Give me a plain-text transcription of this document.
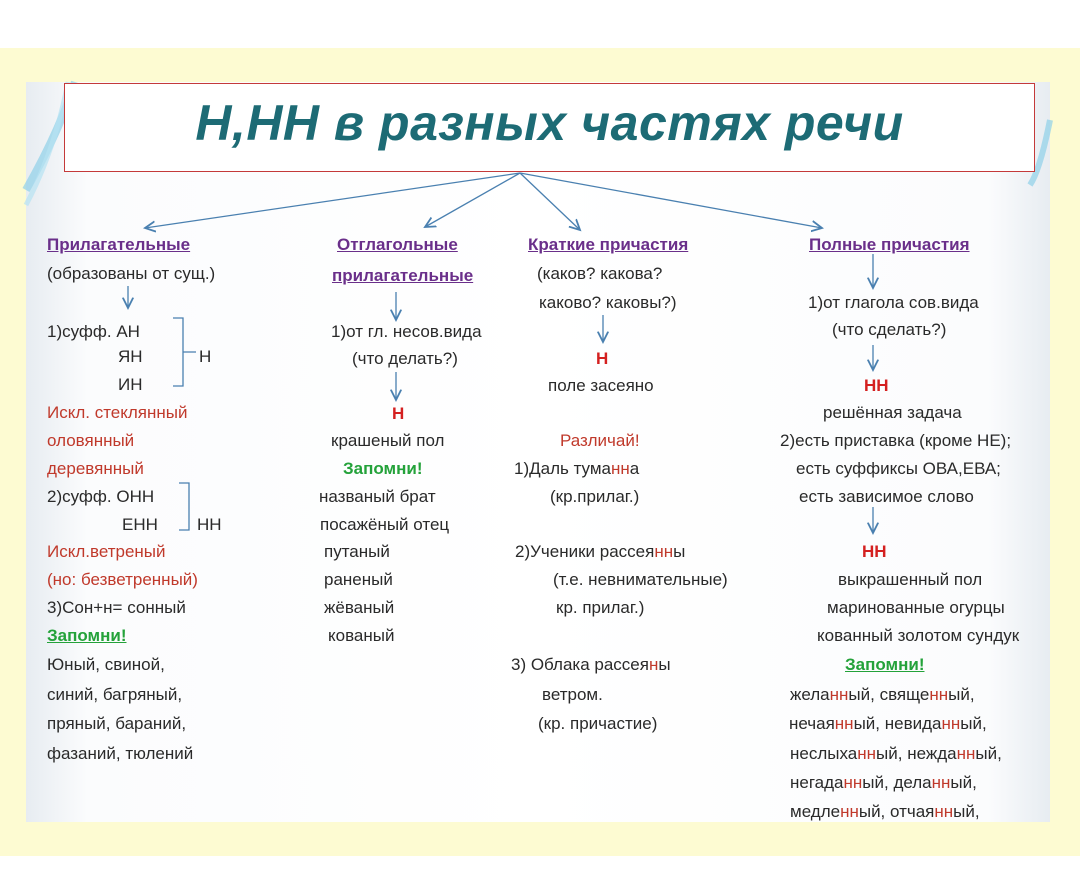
Н,НН в разных частях речи

Прилагательные

(образованы от сущ.)

1)суфф. АН

ЯН	Н

ИН

Искл. стеклянный

оловянный

деревянный

2)суфф. ОНН

ЕНН НН

Искл.ветреный

(но: безветренный)

3)Сон+н= сонный

Запомни!

Юный, свиной,

синий, багряный,

пряный, бараний,

фазаний, тюлений

Отглагольные

прилагательные

1)от гл. несов.вида

(что делать?)

Н

крашеный пол

Запомни!

названый брат

посажёный отец

путаный

раненый

жёваный

кованый

Краткие причастия

(каков? какова?

каково? каковы?)

Н

поле засеяно

Различай!

1)Даль туманна

(кр.прилаг.)

2)Ученики рассеянны

(т.е. невнимательные)

кр. прилаг.)

3) Облака рассеяны

ветром.

(кр. причастие)

Полные причастия

1)от глагола сов.вида

(что сделать?)

НН

решённая задача

2)есть приставка (кроме НЕ);

есть суффиксы ОВА,ЕВА;

есть зависимое слово

НН

выкрашенный пол

маринованные огурцы

кованный золотом сундук

Запомни!

желанный, священный,

нечаянный, невиданный,

неслыханный, нежданный,

негаданный, деланный,

медленный, отчаянный,
